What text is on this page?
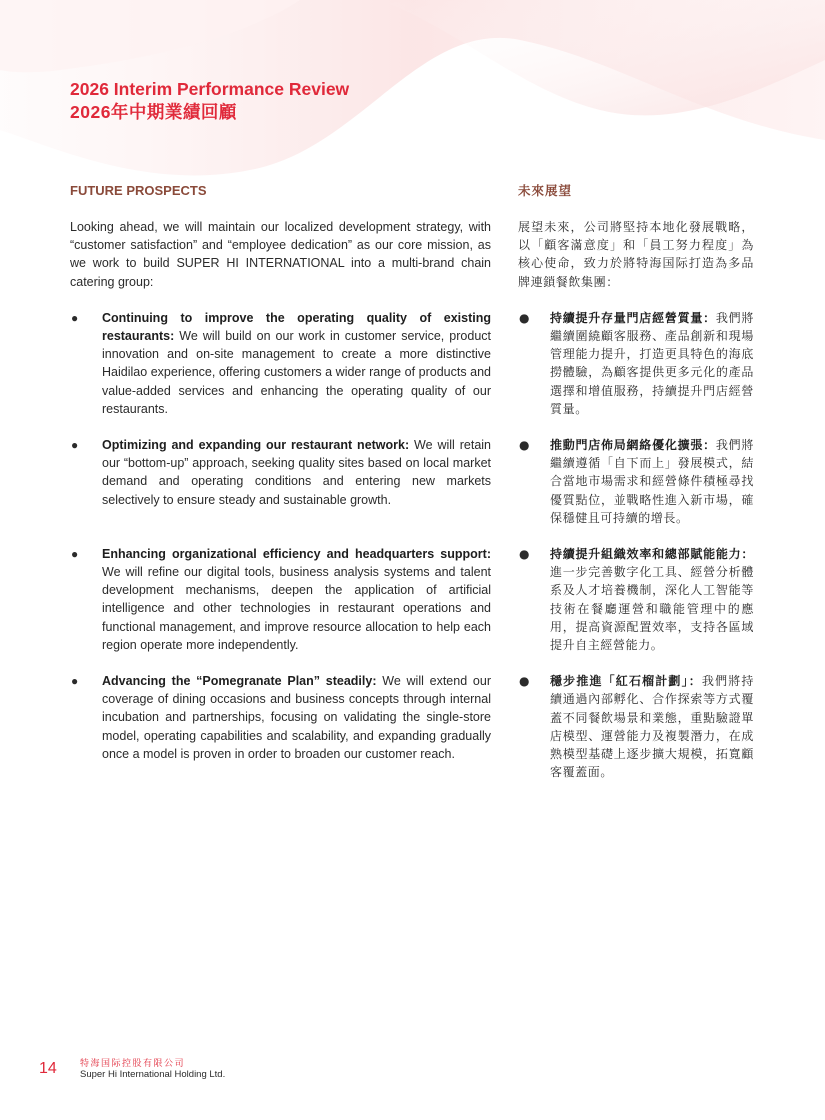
2026 Interim Performance Review
2026年中期業績回顧

FUTURE PROSPECTS

Looking ahead, we will maintain our localized development strategy, with “customer satisfaction” and “employee dedication” as our core mission, as we work to build SUPER HI INTERNATIONAL into a multi-brand chain catering group:

● Continuing to improve the operating quality of existing restaurants: We will build on our work in customer service, product innovation and on-site management to create a more distinctive Haidilao experience, offering customers a wider range of products and value-added services and enhancing the operating quality of our restaurants.
● Optimizing and expanding our restaurant network: We will retain our “bottom-up” approach, seeking quality sites based on local market demand and operating conditions and entering new markets selectively to ensure steady and sustainable growth.
● Enhancing organizational efficiency and headquarters support: We will refine our digital tools, business analysis systems and talent development mechanisms, deepen the application of artificial intelligence and other technologies in restaurant operations and functional management, and improve resource allocation to help each region operate more independently.
● Advancing the “Pomegranate Plan” steadily: We will extend our coverage of dining occasions and business concepts through internal incubation and partnerships, focusing on validating the single-store model, operating capabilities and scalability, and expanding gradually once a model is proven in order to broaden our customer reach.

未來展望

展望未來，公司將堅持本地化發展戰略，以「顧客滿意度」和「員工努力程度」為核心使命，致力於將特海国际打造為多品牌連鎖餐飲集團：

● 持續提升存量門店經營質量：我們將繼續圍繞顧客服務、產品創新和現場管理能力提升，打造更具特色的海底撈體驗，為顧客提供更多元化的產品選擇和增值服務，持續提升門店經營質量。
● 推動門店佈局網絡優化擴張：我們將繼續遵循「自下而上」發展模式，結合當地市場需求和經營條件積極尋找優質點位，並戰略性進入新市場，確保穩健且可持續的增長。
● 持續提升組織效率和總部賦能能力：進一步完善數字化工具、經營分析體系及人才培養機制，深化人工智能等技術在餐廳運營和職能管理中的應用，提高資源配置效率，支持各區域提升自主經營能力。
● 穩步推進「紅石榴計劃」：我們將持續通過內部孵化、合作探索等方式覆蓋不同餐飲場景和業態，重點驗證單店模型、運營能力及複製潛力，在成熟模型基礎上逐步擴大規模，拓寬顧客覆蓋面。
14	特海国际控股有限公司
Super Hi International Holding Ltd.
